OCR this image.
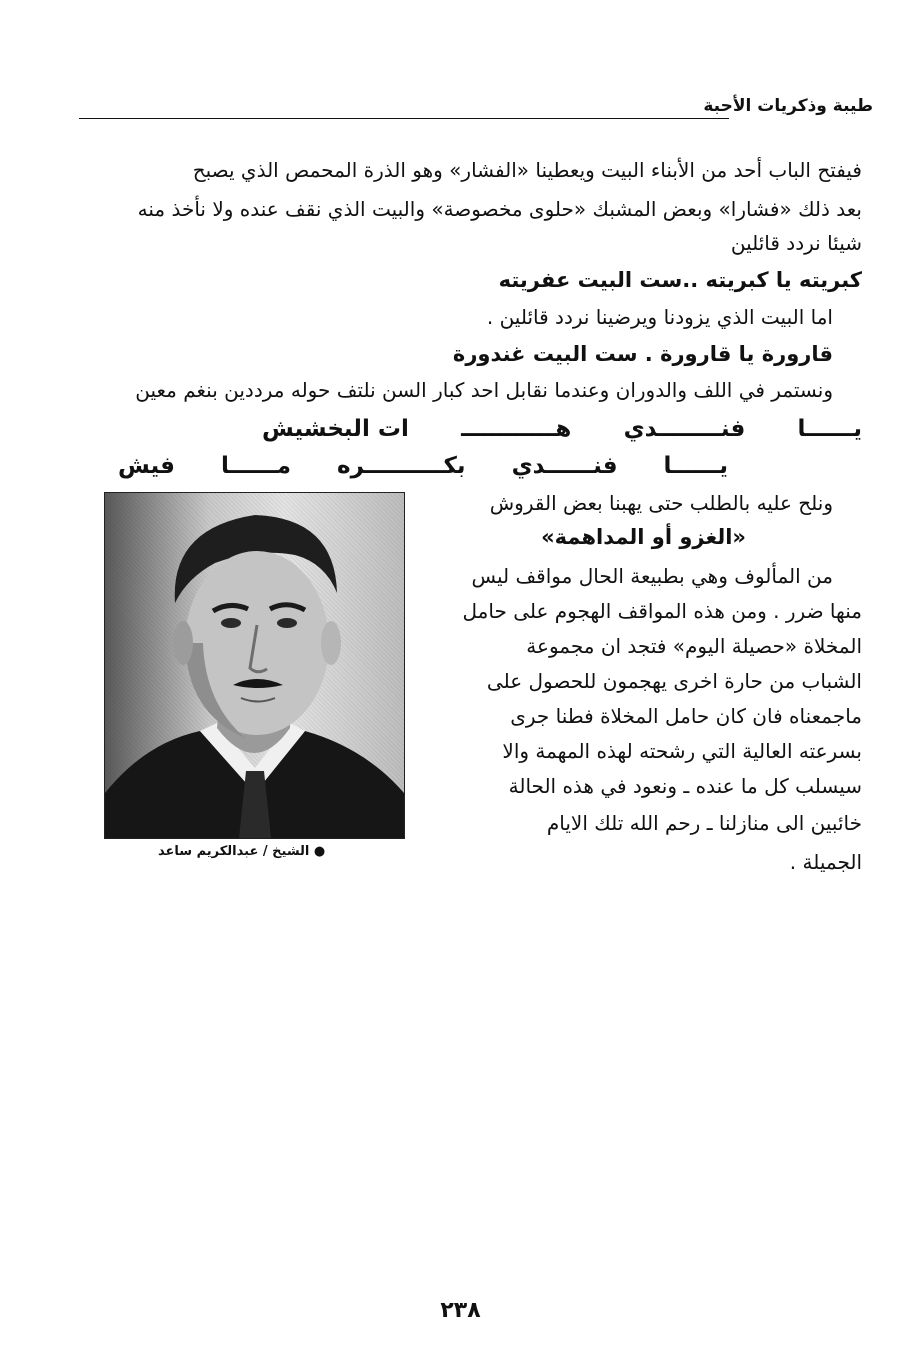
طيبة وذكريات الأحبة
فيفتح الباب أحد من الأبناء البيت ويعطينا «الفشار» وهو الذرة المحمص الذي يصبح
بعد ذلك «فشارا» وبعض المشبك «حلوى مخصوصة» والبيت الذي نقف عنده ولا نأخذ منه
شيئا نردد قائلين
كبريته يا كبريته ..ست البيت عفريته
اما البيت الذي يزودنا ويرضينا نردد قائلين .
قارورة يا قارورة . ست البيت غندورة
ونستمر في اللف والدوران وعندما نقابل احد كبار السن نلتف حوله مرددين بنغم معين
يــــــا
فنــــــــدي
هــــــــــــ
ات البخشيش
يــــــا
فنــــــدي
بكــــــــــره
مــــــا
فيش
ونلح عليه بالطلب حتى يهبنا بعض القروش
«الغزو أو المداهمة»
من المألوف وهي بطبيعة الحال مواقف ليس
منها ضرر . ومن هذه المواقف الهجوم على حامل
المخلاة «حصيلة اليوم» فتجد ان مجموعة
الشباب من حارة اخرى يهجمون للحصول على
ماجمعناه فان كان حامل المخلاة فطنا جرى
بسرعته العالية التي رشحته لهذه المهمة والا
سيسلب كل ما عنده ـ ونعود في هذه الحالة
خائبين الى منازلنا ـ رحم الله تلك الايام
الجميلة .
● الشيخ / عبدالكريم ساعد
٢٣٨
